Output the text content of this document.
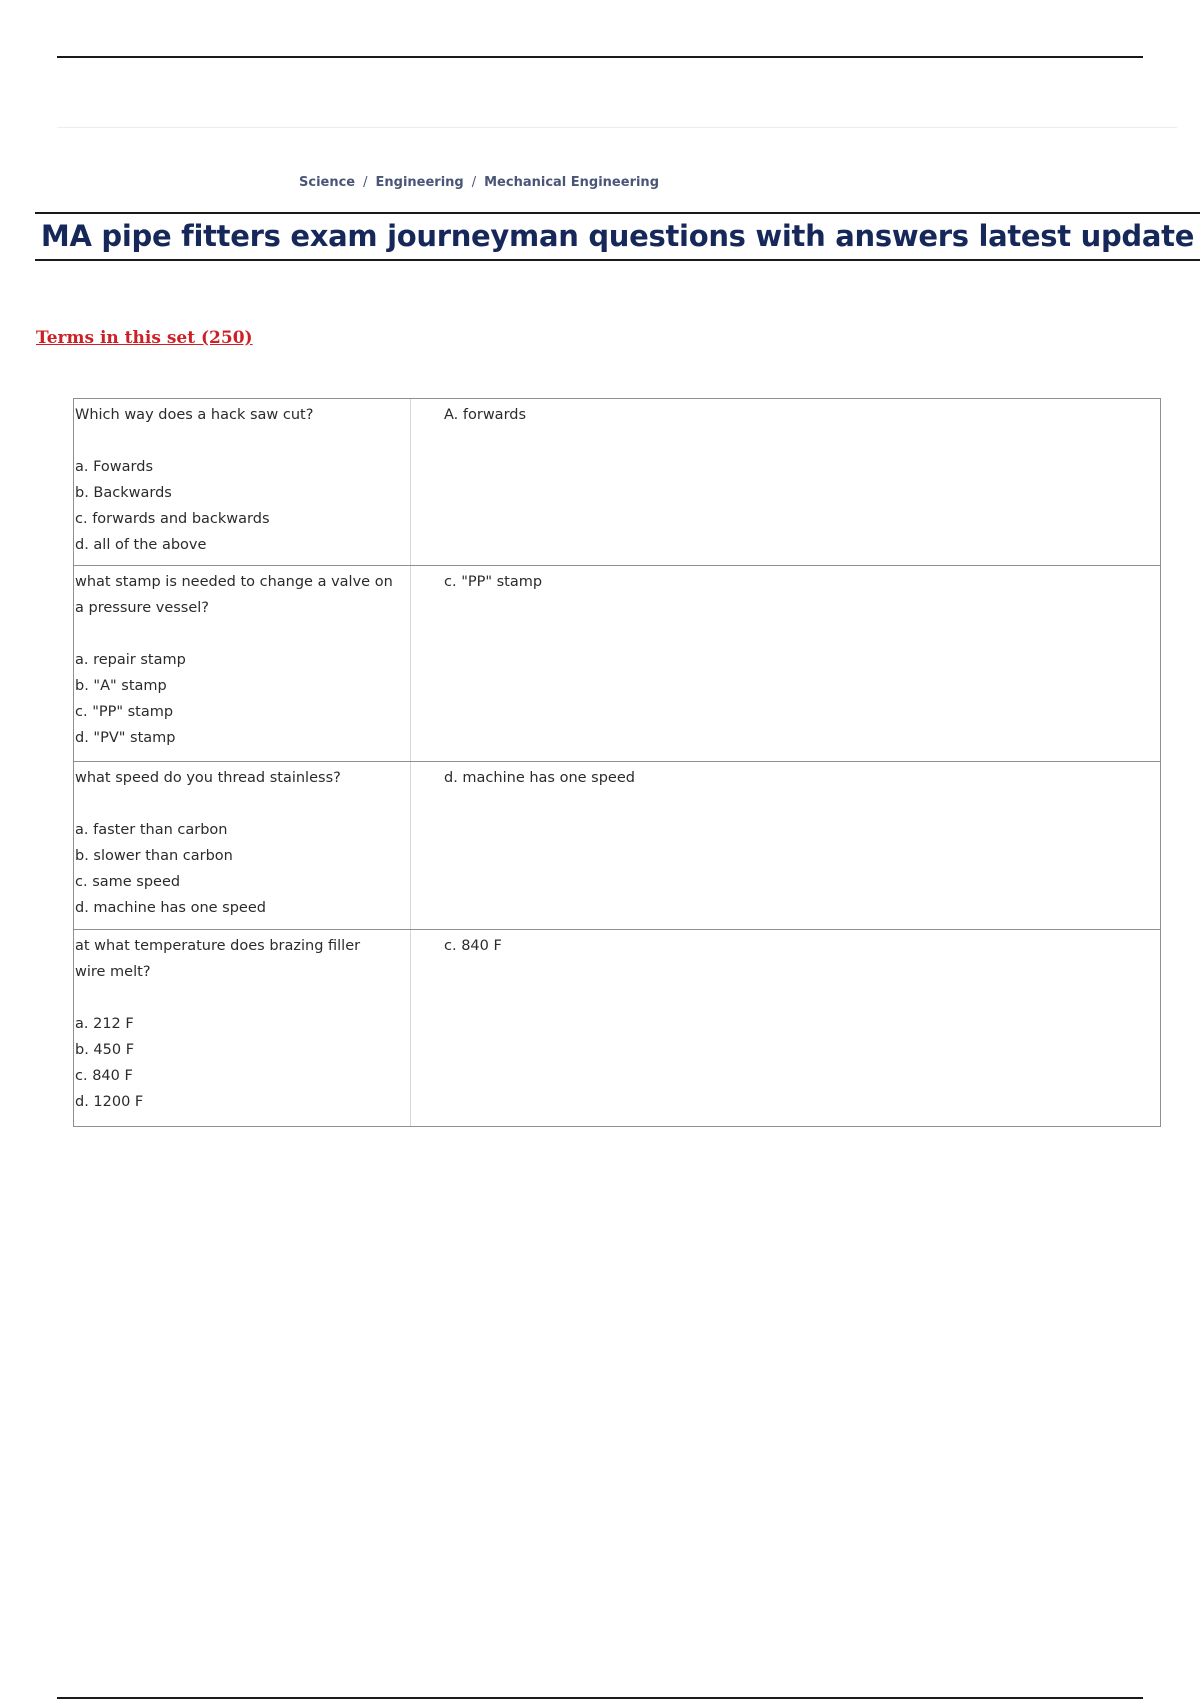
Science / Engineering / Mechanical Engineering
MA pipe fitters exam journeyman questions with answers latest update
Terms in this set (250)
Which way does a hack saw cut?
a. Fowards
b. Backwards
c. forwards and backwards
d. all of the above
A. forwards
what stamp is needed to change a valve on
a pressure vessel?
a. repair stamp
b. "A" stamp
c. "PP" stamp
d. "PV" stamp
c. "PP" stamp
what speed do you thread stainless?
a. faster than carbon
b. slower than carbon
c. same speed
d. machine has one speed
d. machine has one speed
at what temperature does brazing filler
wire melt?
a. 212 F
b. 450 F
c. 840 F
d. 1200 F
c. 840 F
